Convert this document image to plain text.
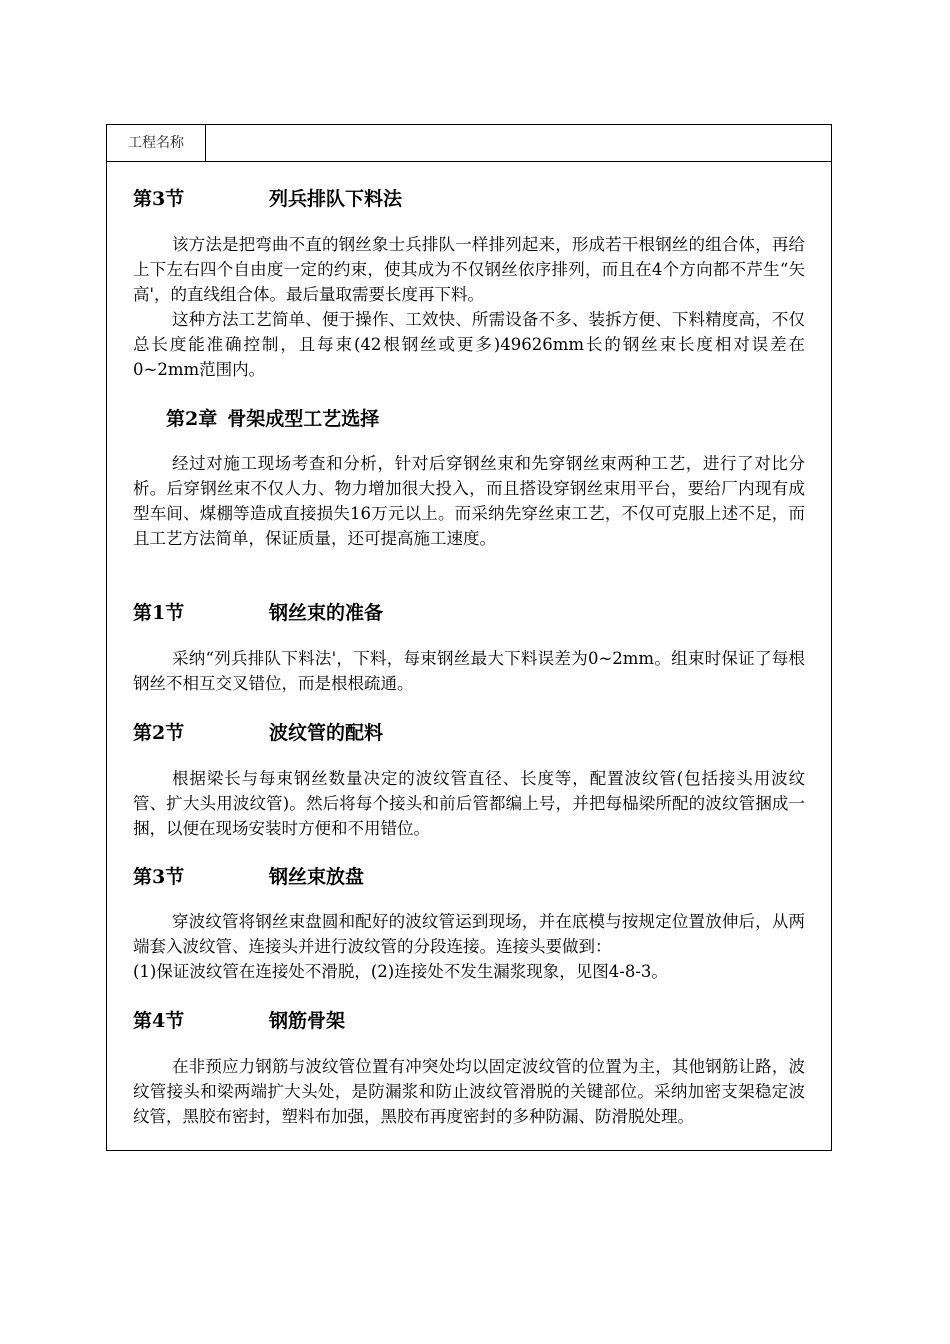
工程名称
第3节	列兵排队下料法

该方法是把弯曲不直的钢丝象士兵排队一样排列起来，形成若干根钢丝的组合体，再给上下左右四个自由度一定的约束，使其成为不仅钢丝依序排列，而且在4个方向都不芹生“矢高'，的直线组合体。最后量取需要长度再下料。

这种方法工艺简单、便于操作、工效快、所需设备不多、装拆方便、下料精度高，不仅总长度能准确控制，且每束(42根钢丝或更多)49626mm长的钢丝束长度相对误差在0~2mm范围内。

第2章 骨架成型工艺选择

经过对施工现场考查和分析，针对后穿钢丝束和先穿钢丝束两种工艺，进行了对比分析。后穿钢丝束不仅人力、物力增加很大投入，而且搭设穿钢丝束用平台，要给厂内现有成型车间、煤棚等造成直接损失16万元以上。而采纳先穿丝束工艺，不仅可克服上述不足，而且工艺方法简单，保证质量，还可提高施工速度。

第1节	钢丝束的准备

采纳“列兵排队下料法'，下料，每束钢丝最大下料误差为0~2mm。组束时保证了每根钢丝不相互交叉错位，而是根根疏通。

第2节	波纹管的配料

根据梁长与每束钢丝数量决定的波纹管直径、长度等，配置波纹管(包括接头用波纹管、扩大头用波纹管)。然后将每个接头和前后管都编上号，并把每榀梁所配的波纹管捆成一捆，以便在现场安装时方便和不用错位。

第3节	钢丝束放盘

穿波纹管将钢丝束盘圆和配好的波纹管运到现场，并在底模与按规定位置放伸后，从两端套入波纹管、连接头并进行波纹管的分段连接。连接头要做到：

(1)保证波纹管在连接处不滑脱，(2)连接处不发生漏浆现象，见图4-8-3。

第4节	钢筋骨架

在非预应力钢筋与波纹管位置有冲突处均以固定波纹管的位置为主，其他钢筋让路，波纹管接头和梁两端扩大头处，是防漏浆和防止波纹管滑脱的关键部位。采纳加密支架稳定波纹管，黑胶布密封，塑料布加强，黑胶布再度密封的多种防漏、防滑脱处理。
